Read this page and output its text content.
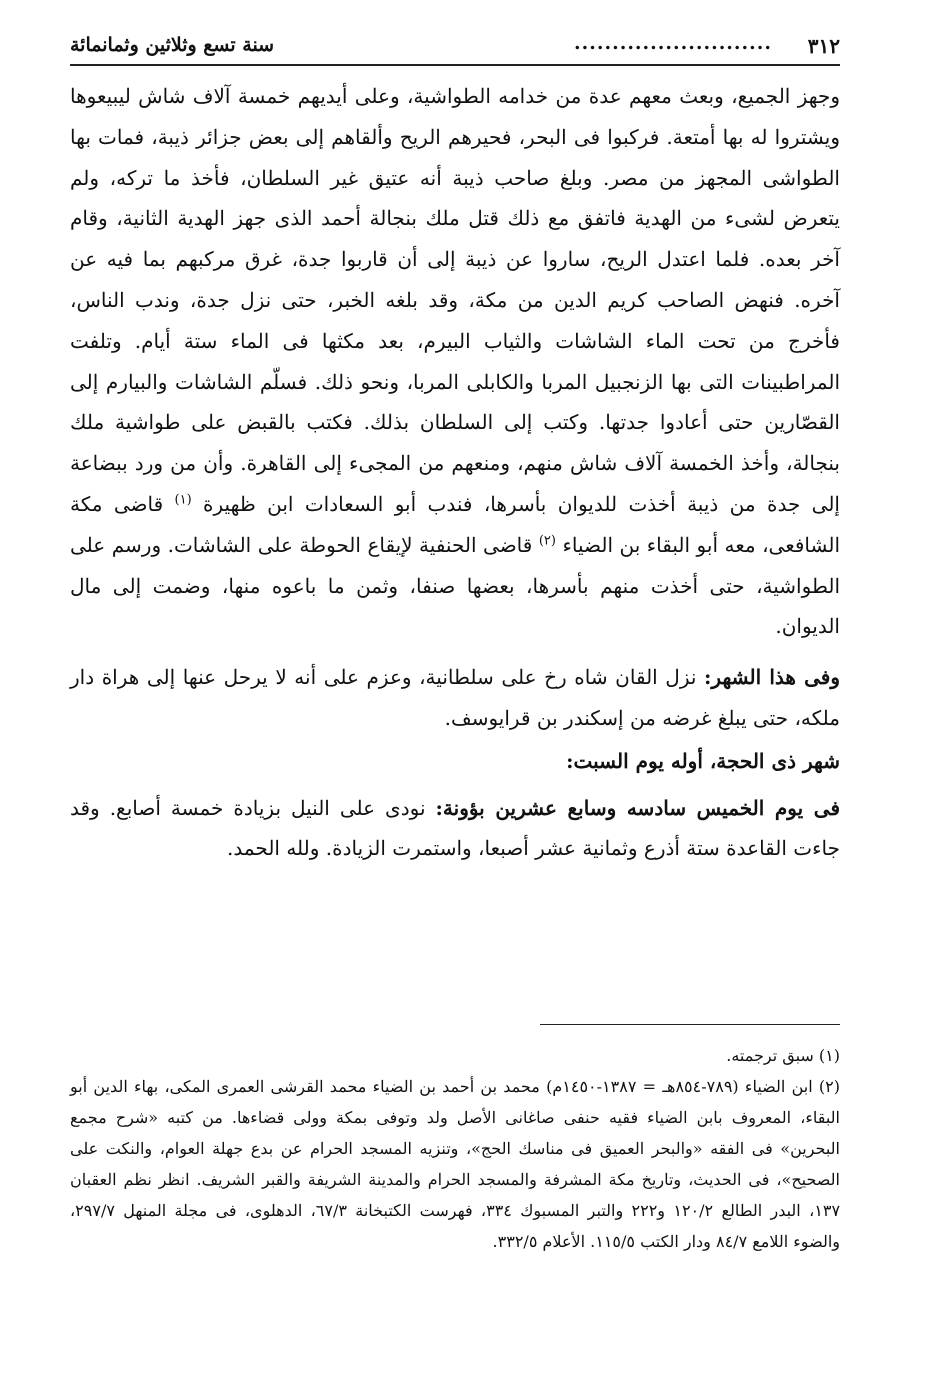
٣١٢
..........................
سنة تسع وثلاثين وثمانمائة

وجهز الجميع، وبعث معهم عدة من خدامه الطواشية، وعلى أيديهم خمسة آلاف شاش ليبيعوها ويشتروا له بها أمتعة. فركبوا فى البحر، فحيرهم الريح وألقاهم إلى بعض جزائر ذيبة، فمات بها الطواشى المجهز من مصر. وبلغ صاحب ذيبة أنه عتيق غير السلطان، فأخذ ما تركه، ولم يتعرض لشىء من الهدية فاتفق مع ذلك قتل ملك بنجالة أحمد الذى جهز الهدية الثانية، وقام آخر بعده. فلما اعتدل الريح، ساروا عن ذيبة إلى أن قاربوا جدة، غرق مركبهم بما فيه عن آخره. فنهض الصاحب كريم الدين من مكة، وقد بلغه الخبر، حتى نزل جدة، وندب الناس، فأخرج من تحت الماء الشاشات والثياب البيرم، بعد مكثها فى الماء ستة أيام. وتلفت المراطبينات التى بها الزنجبيل المربا والكابلى المربا، ونحو ذلك. فسلّم الشاشات والبيارم إلى القصّارين حتى أعادوا جدتها. وكتب إلى السلطان بذلك. فكتب بالقبض على طواشية ملك بنجالة، وأخذ الخمسة آلاف شاش منهم، ومنعهم من المجىء إلى القاهرة. وأن من ورد ببضاعة إلى جدة من ذيبة أخذت للديوان بأسرها، فندب أبو السعادات ابن ظهيرة $^{(١)}$ قاضى مكة الشافعى، معه أبو البقاء بن الضياء $^{(٢)}$ قاضى الحنفية لإيقاع الحوطة على الشاشات. ورسم على الطواشية، حتى أخذت منهم بأسرها، بعضها صنفا، وثمن ما باعوه منها، وضمت إلى مال الديوان.

وفى هذا الشهر: نزل القان شاه رخ على سلطانية، وعزم على أنه لا يرحل عنها إلى هراة دار ملكه، حتى يبلغ غرضه من إسكندر بن قرايوسف.

شهر ذى الحجة، أوله يوم السبت:

فى يوم الخميس سادسه وسابع عشرين بؤونة: نودى على النيل بزيادة خمسة أصابع. وقد جاءت القاعدة ستة أذرع وثمانية عشر أصبعا، واستمرت الزيادة. ولله الحمد.

(١) سبق ترجمته.

(٢) ابن الضياء (٧٨٩-٨٥٤هـ = ١٣٨٧-١٤٥٠م) محمد بن أحمد بن الضياء محمد القرشى العمرى المكى، بهاء الدين أبو البقاء، المعروف بابن الضياء فقيه حنفى صاغانى الأصل ولد وتوفى بمكة وولى قضاءها. من كتبه «شرح مجمع البحرين» فى الفقه «والبحر العميق فى مناسك الحج»، وتنزيه المسجد الحرام عن بدع جهلة العوام، والنكت على الصحيح»، فى الحديث، وتاريخ مكة المشرفة والمسجد الحرام والمدينة الشريفة والقبر الشريف. انظر نظم العقبان ١٣٧، البدر الطالع ١٢٠/٢ و٢٢٢ والتبر المسبوك ٣٣٤، فهرست الكتبخانة ٦٧/٣، الدهلوى، فى مجلة المنهل ٢٩٧/٧، والضوء اللامع ٨٤/٧ ودار الكتب ١١٥/٥. الأعلام ٣٣٢/٥.
